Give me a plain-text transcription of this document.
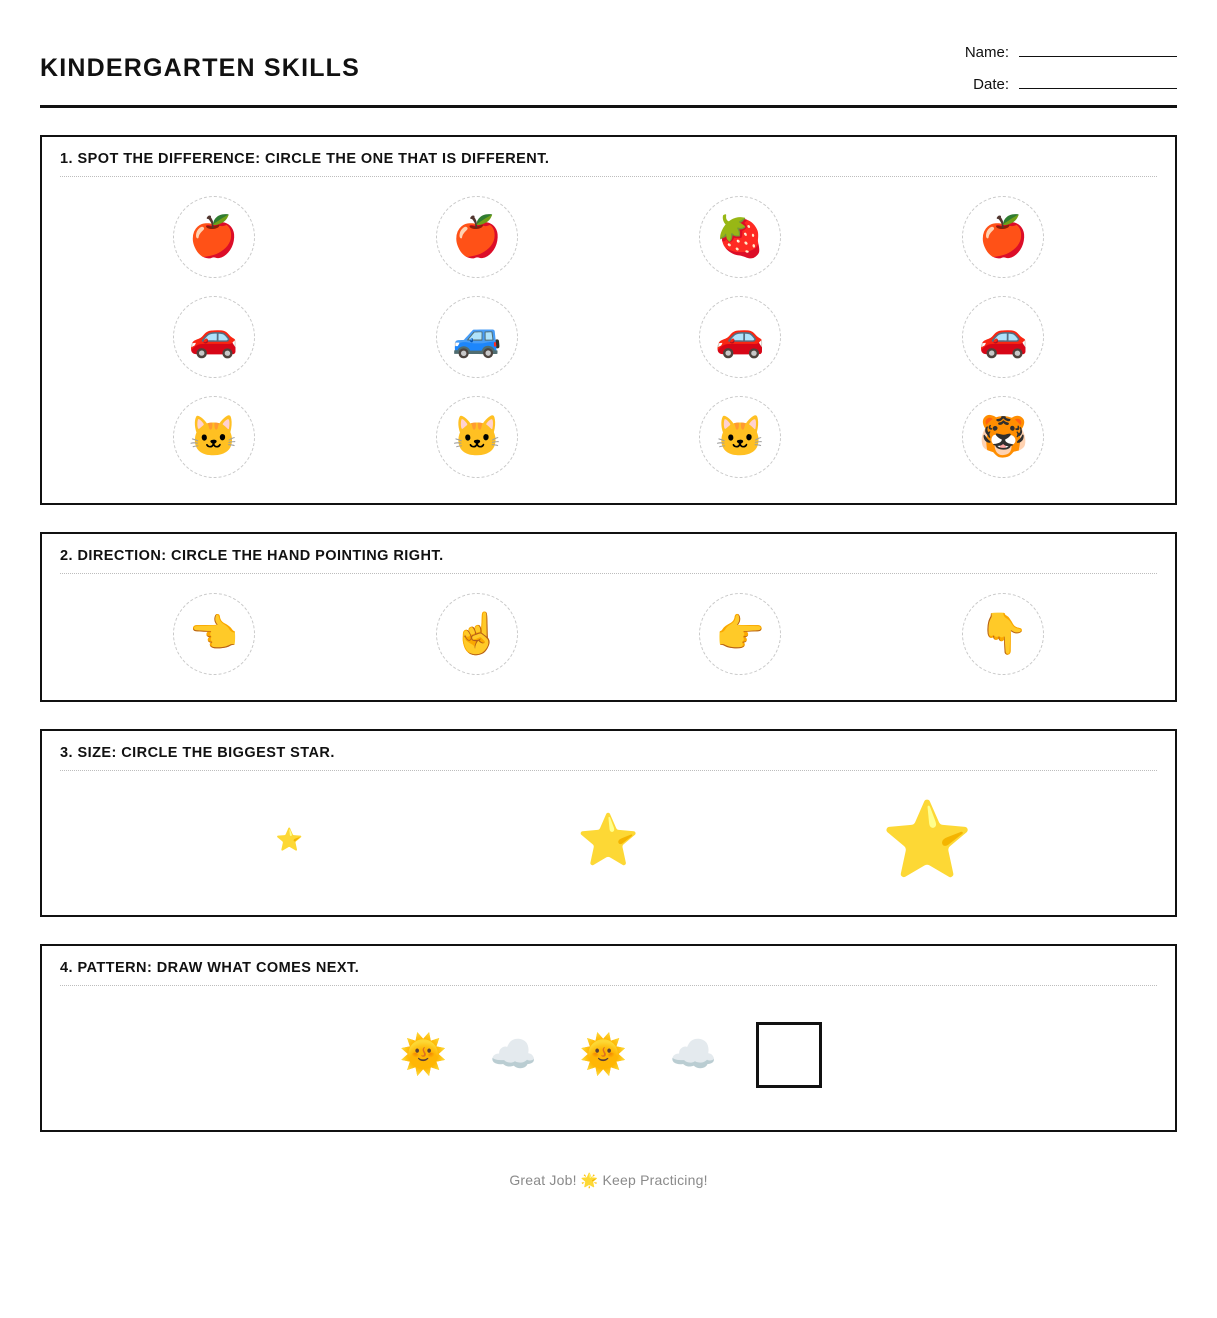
KINDERGARTEN SKILLS
Name:
Date:
1. SPOT THE DIFFERENCE: CIRCLE THE ONE THAT IS DIFFERENT.
🍎	🍎	🍓	🍎
🚗	🚙	🚗	🚗
🐱	🐱	🐱	🐯
2. DIRECTION: CIRCLE THE HAND POINTING RIGHT.
👈	☝️	👉	👇
3. SIZE: CIRCLE THE BIGGEST STAR.
⭐	⭐	⭐
4. PATTERN: DRAW WHAT COMES NEXT.
🌞 ☁️ 🌞 ☁️
Great Job! 🌟 Keep Practicing!
